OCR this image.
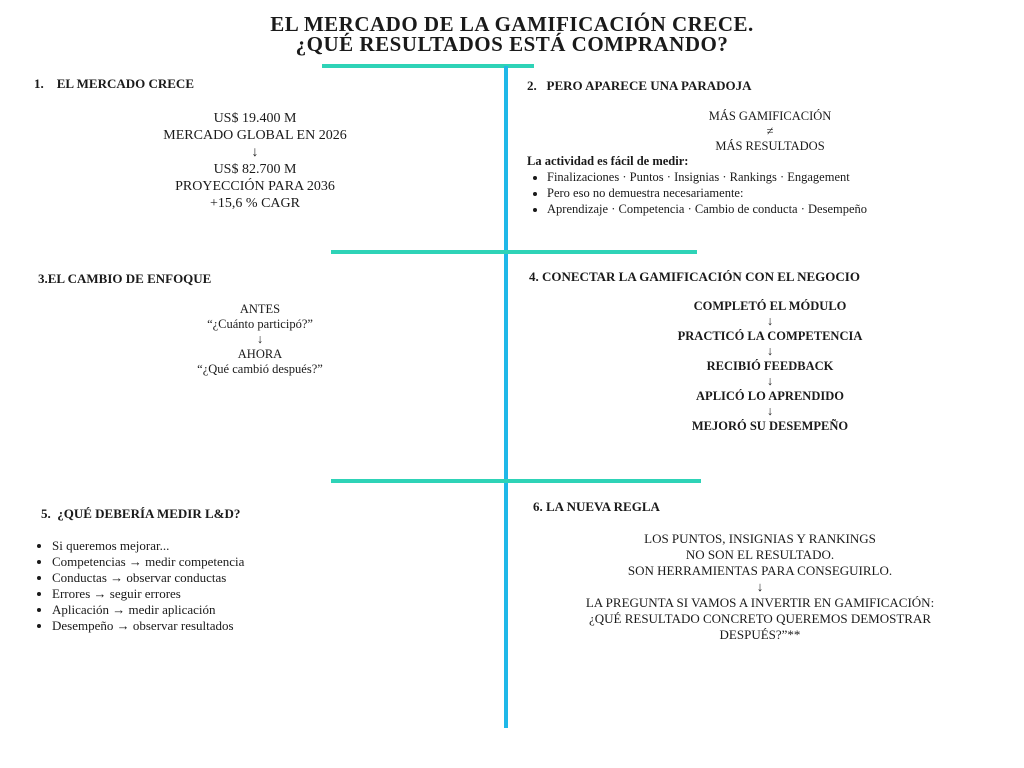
EL MERCADO DE LA GAMIFICACIÓN CRECE.
¿QUÉ RESULTADOS ESTÁ COMPRANDO?
1.    EL MERCADO CRECE
US$ 19.400 M
MERCADO GLOBAL EN 2026
↓
US$ 82.700 M
PROYECCIÓN PARA 2036
+15,6 % CAGR
2.   PERO APARECE UNA PARADOJA
MÁS GAMIFICACIÓN
≠
MÁS RESULTADOS
La actividad es fácil de medir:
• Finalizaciones · Puntos · Insignias · Rankings · Engagement
• Pero eso no demuestra necesariamente:
• Aprendizaje · Competencia · Cambio de conducta · Desempeño
3.EL CAMBIO DE ENFOQUE
ANTES
“¿Cuánto participó?”
↓
AHORA
“¿Qué cambió después?”
4. CONECTAR LA GAMIFICACIÓN CON EL NEGOCIO
COMPLETÓ EL MÓDULO
↓
PRACTICÓ LA COMPETENCIA
↓
RECIBIÓ FEEDBACK
↓
APLICÓ LO APRENDIDO
↓
MEJORÓ SU DESEMPEÑO
5.  ¿QUÉ DEBERÍA MEDIR L&D?
• Si queremos mejorar...
• Competencias → medir competencia
• Conductas → observar conductas
• Errores → seguir errores
• Aplicación → medir aplicación
• Desempeño → observar resultados
6. LA NUEVA REGLA
LOS PUNTOS, INSIGNIAS Y RANKINGS
NO SON EL RESULTADO.
SON HERRAMIENTAS PARA CONSEGUIRLO.
↓
LA PREGUNTA SI VAMOS A INVERTIR EN GAMIFICACIÓN:
¿QUÉ RESULTADO CONCRETO QUEREMOS DEMOSTRAR
DESPUÉS?”**
